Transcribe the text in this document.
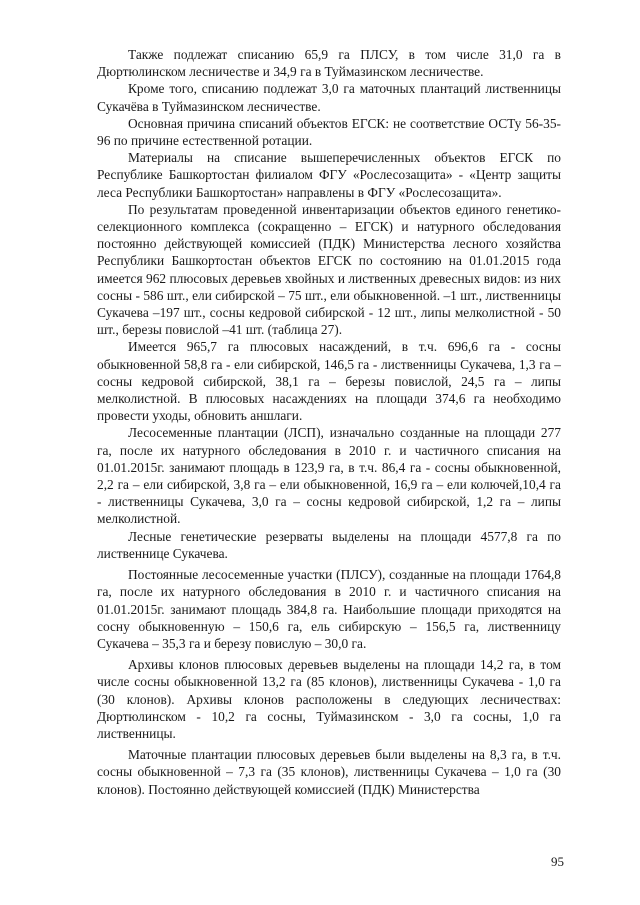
Также подлежат списанию 65,9 га ПЛСУ, в том числе 31,0 га в Дюртюлинском лесничестве и 34,9 га в Туймазинском лесничестве.

Кроме того, списанию подлежат 3,0 га маточных плантаций лиственницы Сукачёва в Туймазинском лесничестве.

Основная причина списаний объектов ЕГСК: не соответствие ОСТу 56-35-96 по причине естественной ротации.

Материалы на списание вышеперечисленных объектов ЕГСК по Республике Башкортостан филиалом ФГУ «Рослесозащита» - «Центр защиты леса Республики Башкортостан» направлены в ФГУ «Рослесозащита».

По результатам проведенной инвентаризации объектов единого генетико-селекционного комплекса (сокращенно – ЕГСК) и натурного обследования постоянно действующей комиссией (ПДК) Министерства лесного хозяйства Республики Башкортостан объектов ЕГСК по состоянию на 01.01.2015 года имеется 962 плюсовых деревьев хвойных и лиственных древесных видов: из них сосны - 586 шт., ели сибирской – 75 шт., ели обыкновенной. –1 шт., лиственницы Сукачева –197 шт., сосны кедровой сибирской - 12 шт., липы мелколистной - 50 шт., березы повислой –41 шт. (таблица 27).

Имеется 965,7 га плюсовых насаждений, в т.ч. 696,6 га - сосны обыкновенной 58,8 га - ели сибирской, 146,5 га - лиственницы Сукачева, 1,3 га – сосны кедровой сибирской, 38,1 га – березы повислой, 24,5 га – липы мелколистной. В плюсовых насаждениях на площади 374,6 га необходимо провести уходы, обновить аншлаги.

Лесосеменные плантации (ЛСП), изначально созданные на площади 277 га, после их натурного обследования в 2010 г. и частичного списания на 01.01.2015г. занимают площадь в 123,9 га, в т.ч. 86,4 га - сосны обыкновенной, 2,2 га – ели сибирской, 3,8 га – ели обыкновенной, 16,9 га – ели колючей,10,4 га - лиственницы Сукачева, 3,0 га – сосны кедровой сибирской, 1,2 га – липы мелколистной.

Лесные генетические резерваты выделены на площади 4577,8 га по лиственнице Сукачева.

Постоянные лесосеменные участки (ПЛСУ), созданные на площади 1764,8 га, после их натурного обследования в 2010 г. и частичного списания на 01.01.2015г. занимают площадь 384,8 га. Наибольшие площади приходятся на сосну обыкновенную – 150,6 га, ель сибирскую – 156,5 га, лиственницу Сукачева – 35,3 га и березу повислую – 30,0 га.

Архивы клонов плюсовых деревьев выделены на площади 14,2 га, в том числе сосны обыкновенной 13,2 га (85 клонов), лиственницы Сукачева - 1,0 га (30 клонов). Архивы клонов расположены в следующих лесничествах: Дюртюлинском - 10,2 га сосны, Туймазинском - 3,0 га сосны, 1,0 га лиственницы.

Маточные плантации плюсовых деревьев были выделены на 8,3 га, в т.ч. сосны обыкновенной – 7,3 га (35 клонов), лиственницы Сукачева – 1,0 га (30 клонов). Постоянно действующей комиссией (ПДК) Министерства

95
